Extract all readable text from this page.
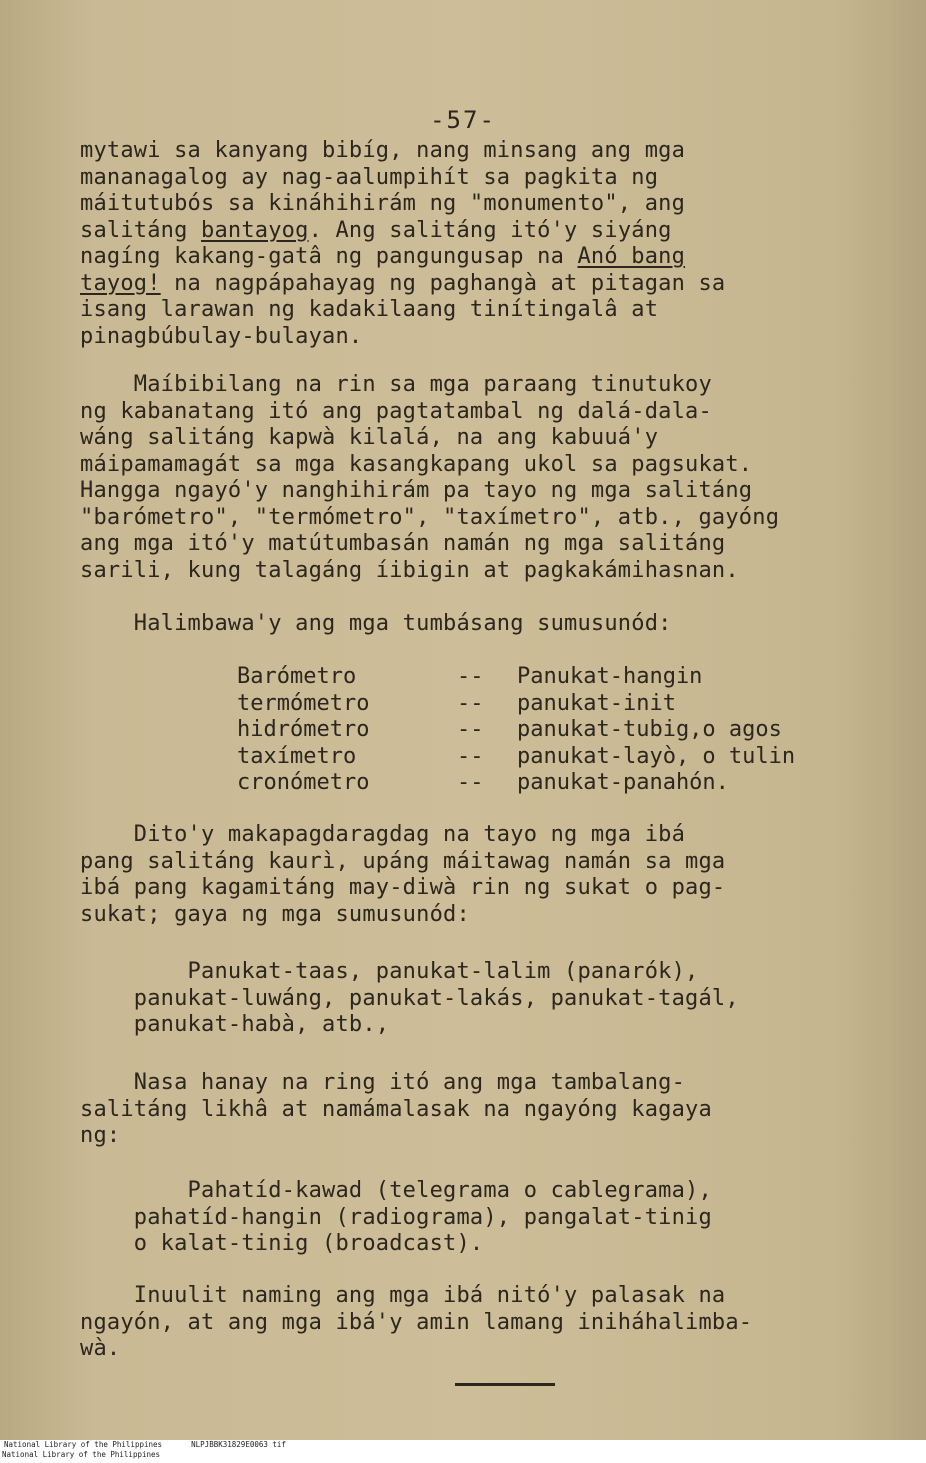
-57-
mytawi sa kanyang bibíg, nang minsang ang mga
mananagalog ay nag-aalumpihít sa pagkita ng
máitutubós sa kináhihirám ng "monumento", ang
salitáng bantayog. Ang salitáng itó'y siyáng
nagíng kakang-gatâ ng pangungusap na Anó bang
tayog! na nagpápahayag ng paghangà at pitagan sa
isang larawan ng kadakilaang tinítingalâ at
pinagbúbulay-bulayan.
Maíbibilang na rin sa mga paraang tinutukoy
ng kabanatang itó ang pagtatambal ng dalá-dala-
wáng salitáng kapwà kilalá, na ang kabuuá'y
máipamamagát sa mga kasangkapang ukol sa pagsukat.
Hangga ngayó'y nanghihirám pa tayo ng mga salitáng
"barómetro", "termómetro", "taxímetro", atb., gayóng
ang mga itó'y matútumbasán namán ng mga salitáng
sarili, kung talagáng íibigin at pagkakámihasnan.
Halimbawa'y ang mga tumbásang sumusunód:
Barómetro	--	Panukat-hangin
termómetro	--	panukat-init
hidrómetro	--	panukat-tubig,o agos
taxímetro	--	panukat-layò, o tulin
cronómetro	--	panukat-panahón.
Dito'y makapagdaragdag na tayo ng mga ibá
pang salitáng kaurì, upáng máitawag namán sa mga
ibá pang kagamitáng may-diwà rin ng sukat o pag-
sukat; gaya ng mga sumusunód:
Panukat-taas, panukat-lalim (panarók),
panukat-luwáng, panukat-lakás, panukat-tagál,
panukat-habà, atb.,
Nasa hanay na ring itó ang mga tambalang-
salitáng likhâ at namámalasak na ngayóng kagaya
ng:
Pahatíd-kawad (telegrama o cablegrama),
pahatíd-hangin (radiograma), pangalat-tinig
o kalat-tinig (broadcast).
Inuulit naming ang mga ibá nitó'y palasak na
ngayón, at ang mga ibá'y amin lamang iniháhalimba-
wà.
National Library of the Philippines	NLPJBBK31829E0063 tif
National Library of the Philippines
